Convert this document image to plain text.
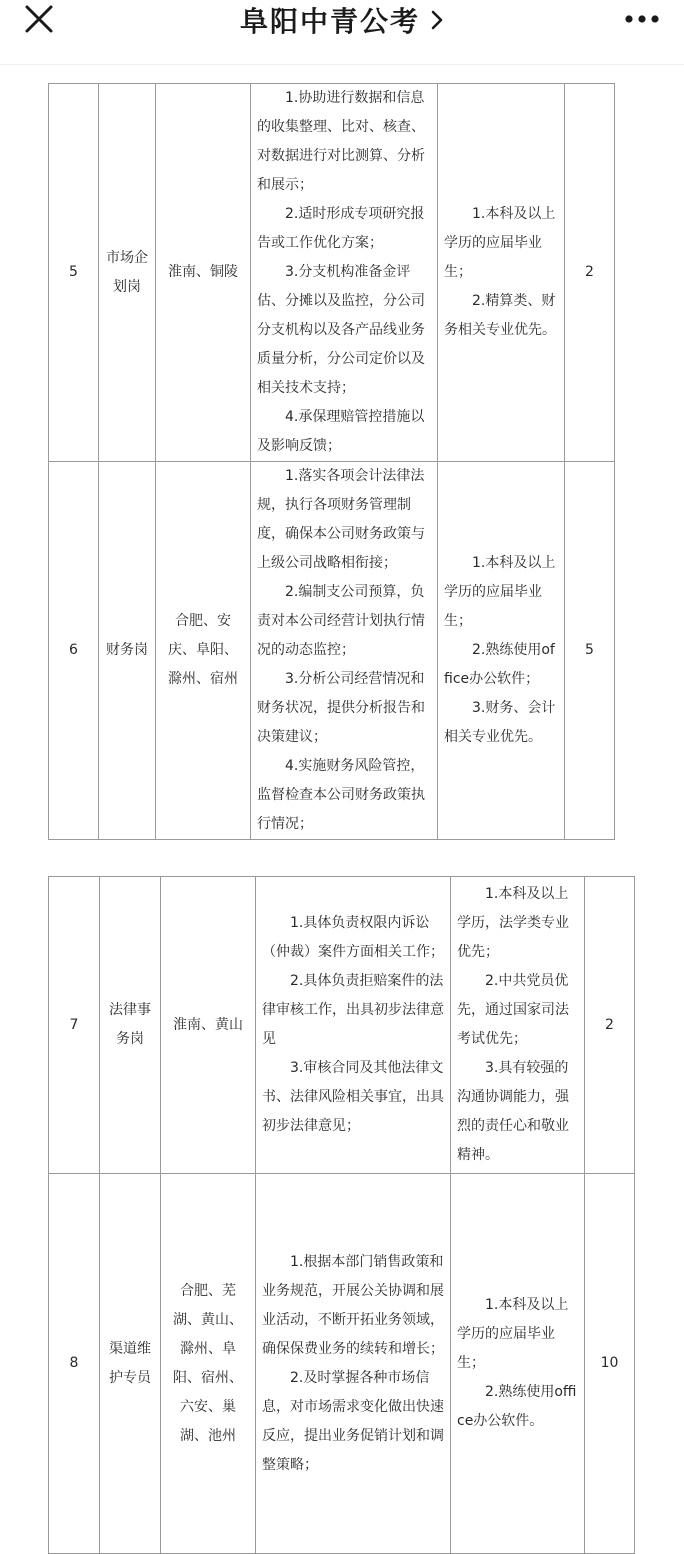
阜阳中青公考
5	市场企划岗	淮南、铜陵	1.协助进行数据和信息的收集整理、比对、核查、对数据进行对比测算、分析和展示；
2.适时形成专项研究报告或工作优化方案；
3.分支机构准备金评估、分摊以及监控，分公司分支机构以及各产品线业务质量分析，分公司定价以及相关技术支持；
4.承保理赔管控措施以及影响反馈；	1.本科及以上学历的应届毕业生；
2.精算类、财务相关专业优先。	2
6	财务岗	合肥、安庆、阜阳、滁州、宿州	1.落实各项会计法律法规，执行各项财务管理制度，确保本公司财务政策与上级公司战略相衔接；
2.编制支公司预算，负责对本公司经营计划执行情况的动态监控；
3.分析公司经营情况和财务状况，提供分析报告和决策建议；
4.实施财务风险管控，监督检查本公司财务政策执行情况；	1.本科及以上学历的应届毕业生；
2.熟练使用office办公软件；
3.财务、会计相关专业优先。	5
7	法律事务岗	淮南、黄山	1.具体负责权限内诉讼（仲裁）案件方面相关工作；
2.具体负责拒赔案件的法律审核工作，出具初步法律意见
3.审核合同及其他法律文书、法律风险相关事宜，出具初步法律意见；	1.本科及以上学历，法学类专业优先；
2.中共党员优先，通过国家司法考试优先；
3.具有较强的沟通协调能力，强烈的责任心和敬业精神。	2
8	渠道维护专员	合肥、芜湖、黄山、滁州、阜阳、宿州、六安、巢湖、池州	1.根据本部门销售政策和业务规范，开展公关协调和展业活动，不断开拓业务领域，确保保费业务的续转和增长；
2.及时掌握各种市场信息，对市场需求变化做出快速反应，提出业务促销计划和调整策略；	1.本科及以上学历的应届毕业生；
2.熟练使用office办公软件。	10
